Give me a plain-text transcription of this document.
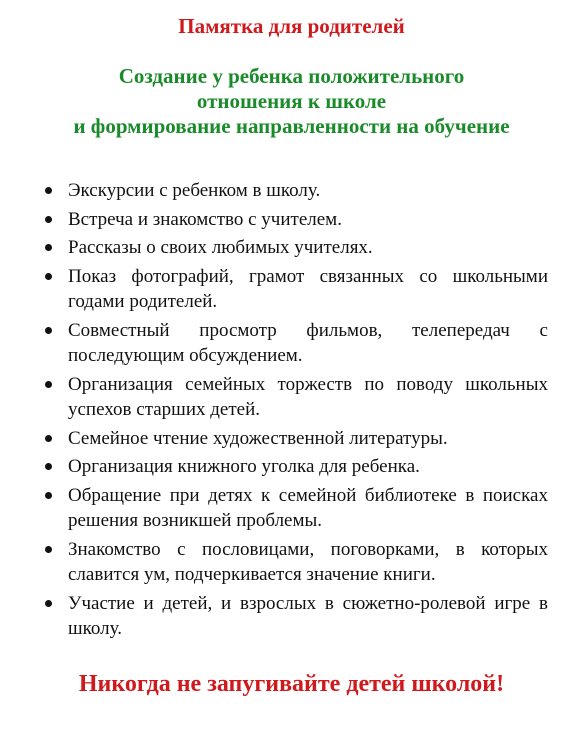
Памятка для родителей
Создание у ребенка положительного
отношения к школе
и формирование направленности на обучение
Экскурсии с ребенком в школу.
Встреча и знакомство с учителем.
Рассказы о своих любимых учителях.
Показ фотографий, грамот связанных со школьными годами родителей.
Совместный просмотр фильмов, телепередач с последующим обсуждением.
Организация семейных торжеств по поводу школьных успехов старших детей.
Семейное чтение художественной литературы.
Организация книжного уголка для ребенка.
Обращение при детях к семейной библиотеке в поисках решения возникшей проблемы.
Знакомство с пословицами, поговорками, в которых славится ум, подчеркивается значение книги.
Участие и детей, и взрослых в сюжетно-ролевой игре в школу.
Никогда не запугивайте детей школой!
